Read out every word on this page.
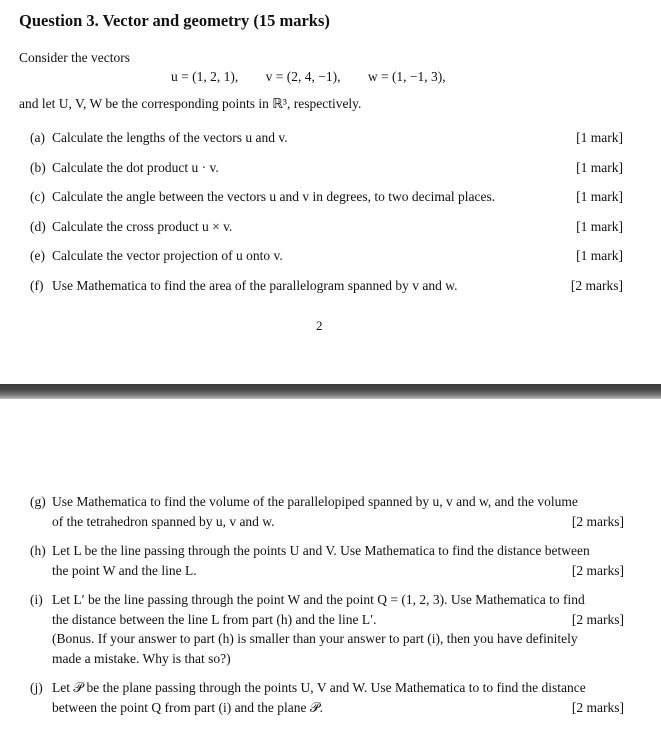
Question 3. Vector and geometry (15 marks)
Consider the vectors
u = (1, 2, 1), v = (2, 4, −1), w = (1, −1, 3),
and let U, V, W be the corresponding points in ℝ³, respectively.
(a) Calculate the lengths of the vectors u and v.	[1 mark]
(b) Calculate the dot product u · v.	[1 mark]
(c) Calculate the angle between the vectors u and v in degrees, to two decimal places.	[1 mark]
(d) Calculate the cross product u × v.	[1 mark]
(e) Calculate the vector projection of u onto v.	[1 mark]
(f) Use Mathematica to find the area of the parallelogram spanned by v and w.	[2 marks]
2
(g) Use Mathematica to find the volume of the parallelopiped spanned by u, v and w, and the volume
of the tetrahedron spanned by u, v and w.	[2 marks]
(h) Let L be the line passing through the points U and V. Use Mathematica to find the distance between
the point W and the line L.	[2 marks]
(i) Let L′ be the line passing through the point W and the point Q = (1, 2, 3). Use Mathematica to find
the distance between the line L from part (h) and the line L′.	[2 marks]
(Bonus. If your answer to part (h) is smaller than your answer to part (i), then you have definitely
made a mistake. Why is that so?)
(j) Let 𝒫 be the plane passing through the points U, V and W. Use Mathematica to to find the distance
between the point Q from part (i) and the plane 𝒫.	[2 marks]
